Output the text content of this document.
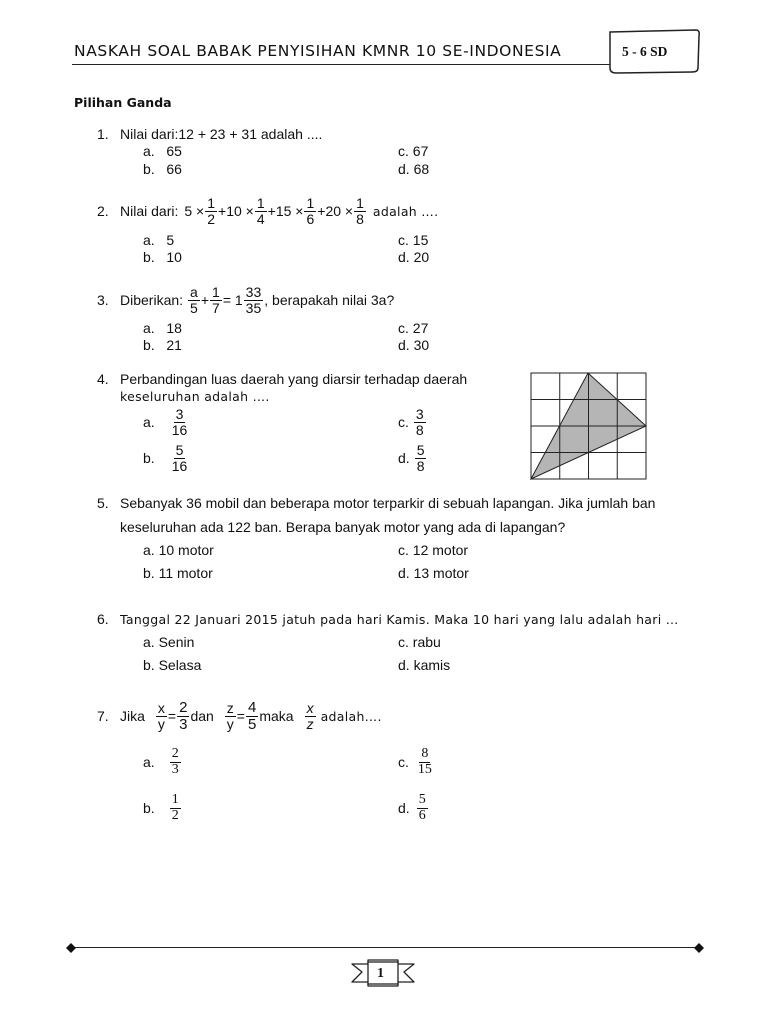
NASKAH SOAL BABAK PENYISIHAN KMNR 10 SE-INDONESIA	5 - 6 SD
Pilihan Ganda
1. Nilai dari:12 + 23 + 31 adalah ....
a. 65
b. 66
c. 67
d. 68
2. Nilai dari: $5 \times \frac{1}{2} +10 \times \frac{1}{4} +15 \times \frac{1}{6} +20 \times \frac{1}{8}$ adalah ….
a. 5
b. 10
c. 15
d. 20
3. Diberikan: $\frac{a}{5} + \frac{1}{7} = 1 \frac{33}{35}$ , berapakah nilai 3a?
a. 18
b. 21
c. 27
d. 30
4. Perbandingan luas daerah yang diarsir terhadap daerah
keseluruhan adalah ….
a. $\frac{3}{16}$
b. $\frac{5}{16}$
c. $\frac{3}{8}$
d. $\frac{5}{8}$
5. Sebanyak 36 mobil dan beberapa motor terparkir di sebuah lapangan. Jika jumlah ban
keseluruhan ada 122 ban. Berapa banyak motor yang ada di lapangan?
a. 10 motor
b. 11 motor
c. 12 motor
d. 13 motor
6. Tanggal 22 Januari 2015 jatuh pada hari Kamis. Maka 10 hari yang lalu adalah hari …
a. Senin
b. Selasa
c. rabu
d. kamis
7. Jika $\frac{x}{y} = \frac{2}{3}$ dan $\frac{z}{y} = \frac{4}{5}$ maka $\frac{x}{z}$ adalah….
a. $\frac{2}{3}$
b. $\frac{1}{2}$
c. $\frac{8}{15}$
d. $\frac{5}{6}$
1
